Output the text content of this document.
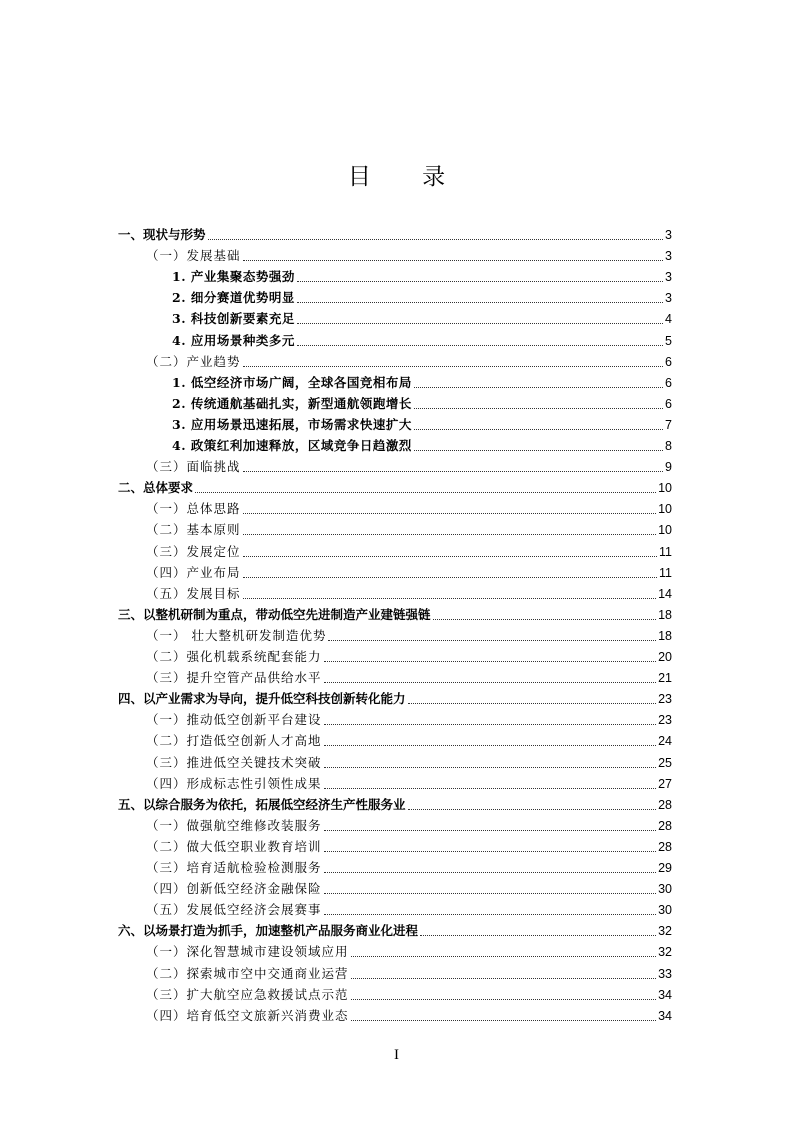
目 录
一、现状与形势	3
（一）发展基础	3
1. 产业集聚态势强劲	3
2. 细分赛道优势明显	3
3. 科技创新要素充足	4
4. 应用场景种类多元	5
（二）产业趋势	6
1. 低空经济市场广阔，全球各国竞相布局	6
2. 传统通航基础扎实，新型通航领跑增长	6
3. 应用场景迅速拓展，市场需求快速扩大	7
4. 政策红利加速释放，区域竞争日趋激烈	8
（三）面临挑战	9
二、总体要求	10
（一）总体思路	10
（二）基本原则	10
（三）发展定位	11
（四）产业布局	11
（五）发展目标	14
三、以整机研制为重点，带动低空先进制造产业建链强链	18
（一） 壮大整机研发制造优势	18
（二）强化机载系统配套能力	20
（三）提升空管产品供给水平	21
四、以产业需求为导向，提升低空科技创新转化能力	23
（一）推动低空创新平台建设	23
（二）打造低空创新人才高地	24
（三）推进低空关键技术突破	25
（四）形成标志性引领性成果	27
五、以综合服务为依托，拓展低空经济生产性服务业	28
（一）做强航空维修改装服务	28
（二）做大低空职业教育培训	28
（三）培育适航检验检测服务	29
（四）创新低空经济金融保险	30
（五）发展低空经济会展赛事	30
六、以场景打造为抓手，加速整机产品服务商业化进程	32
（一）深化智慧城市建设领域应用	32
（二）探索城市空中交通商业运营	33
（三）扩大航空应急救援试点示范	34
（四）培育低空文旅新兴消费业态	34
I
